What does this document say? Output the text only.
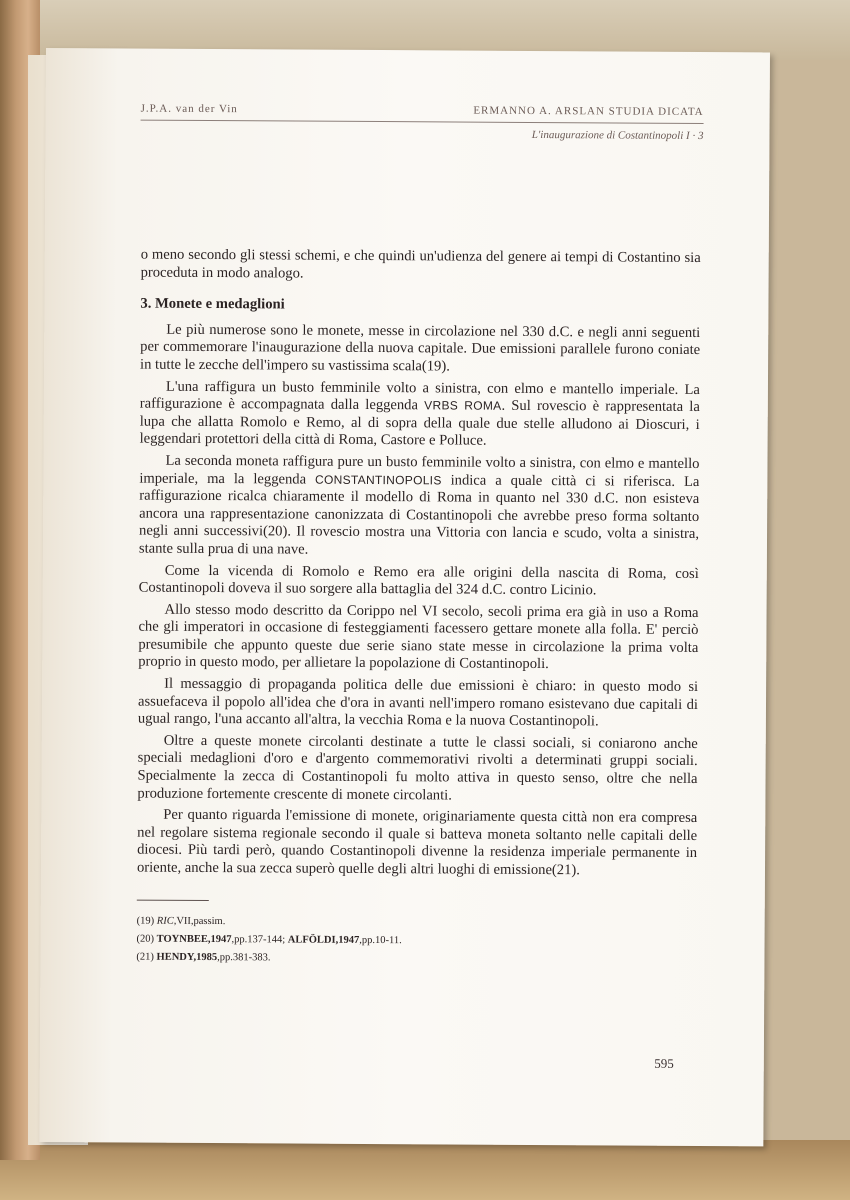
J.P.A. van der Vin	ERMANNO A. ARSLAN STUDIA DICATA
L'inaugurazione di Costantinopoli I · 3

o meno secondo gli stessi schemi, e che quindi un'udienza del genere ai tempi di Costantino sia proceduta in modo analogo.

3. Monete e medaglioni

Le più numerose sono le monete, messe in circolazione nel 330 d.C. e negli anni seguenti per commemorare l'inaugurazione della nuova capitale. Due emissioni parallele furono coniate in tutte le zecche dell'impero su vastissima scala(19).

L'una raffigura un busto femminile volto a sinistra, con elmo e mantello imperiale. La raffigurazione è accompagnata dalla leggenda VRBS ROMA. Sul rovescio è rappresentata la lupa che allatta Romolo e Remo, al di sopra della quale due stelle alludono ai Dioscuri, i leggendari protettori della città di Roma, Castore e Polluce.

La seconda moneta raffigura pure un busto femminile volto a sinistra, con elmo e mantello imperiale, ma la leggenda CONSTANTINOPOLIS indica a quale città ci si riferisca. La raffigurazione ricalca chiaramente il modello di Roma in quanto nel 330 d.C. non esisteva ancora una rappresentazione canonizzata di Costantinopoli che avrebbe preso forma soltanto negli anni successivi(20). Il rovescio mostra una Vittoria con lancia e scudo, volta a sinistra, stante sulla prua di una nave.

Come la vicenda di Romolo e Remo era alle origini della nascita di Roma, così Costantinopoli doveva il suo sorgere alla battaglia del 324 d.C. contro Licinio.

Allo stesso modo descritto da Corippo nel VI secolo, secoli prima era già in uso a Roma che gli imperatori in occasione di festeggiamenti facessero gettare monete alla folla. E' perciò presumibile che appunto queste due serie siano state messe in circolazione la prima volta proprio in questo modo, per allietare la popolazione di Costantinopoli.

Il messaggio di propaganda politica delle due emissioni è chiaro: in questo modo si assuefaceva il popolo all'idea che d'ora in avanti nell'impero romano esistevano due capitali di ugual rango, l'una accanto all'altra, la vecchia Roma e la nuova Costantinopoli.

Oltre a queste monete circolanti destinate a tutte le classi sociali, si coniarono anche speciali medaglioni d'oro e d'argento commemorativi rivolti a determinati gruppi sociali. Specialmente la zecca di Costantinopoli fu molto attiva in questo senso, oltre che nella produzione fortemente crescente di monete circolanti.

Per quanto riguarda l'emissione di monete, originariamente questa città non era compresa nel regolare sistema regionale secondo il quale si batteva moneta soltanto nelle capitali delle diocesi. Più tardi però, quando Costantinopoli divenne la residenza imperiale permanente in oriente, anche la sua zecca superò quelle degli altri luoghi di emissione(21).

(19) RIC,VII,passim.

(20) TOYNBEE,1947,pp.137-144; ALFÖLDI,1947,pp.10-11.

(21) HENDY,1985,pp.381-383.

595
